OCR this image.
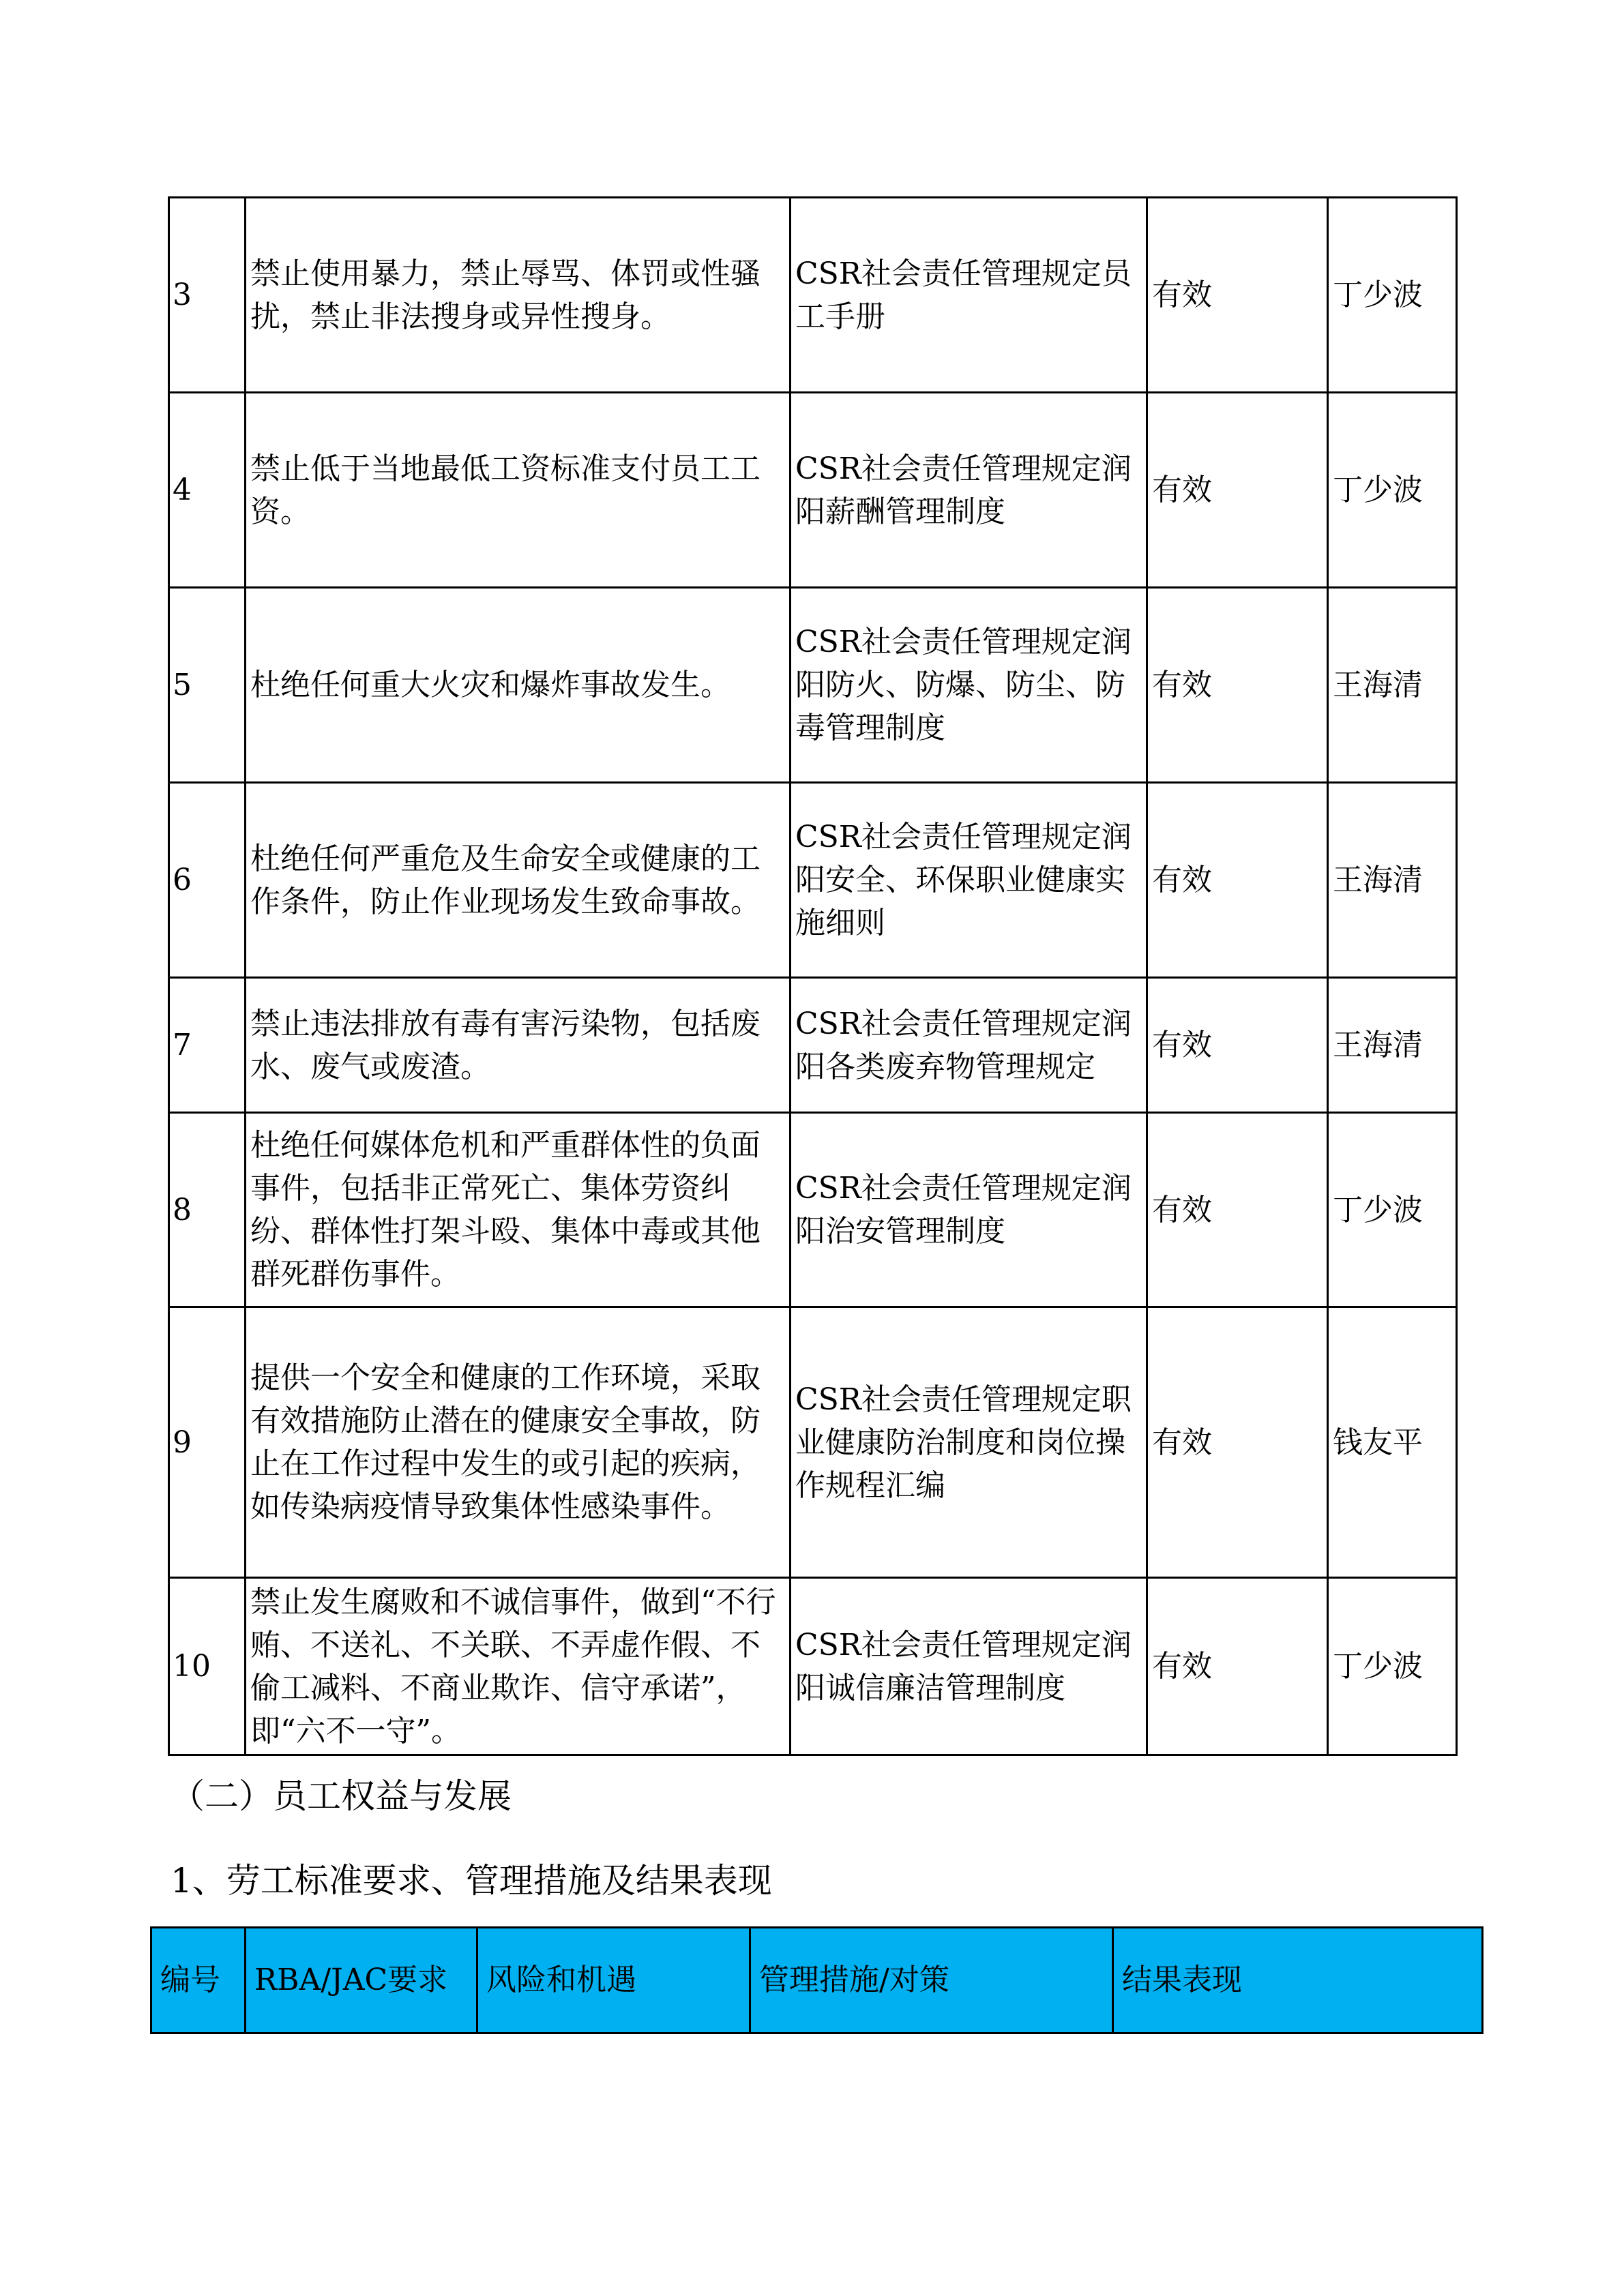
3	禁止使用暴力，禁止辱骂、体罚或性骚扰，禁止非法搜身或异性搜身。	CSR社会责任管理规定员工手册	有效	丁少波
4	禁止低于当地最低工资标准支付员工工资。	CSR社会责任管理规定润阳薪酬管理制度	有效	丁少波
5	杜绝任何重大火灾和爆炸事故发生。	CSR社会责任管理规定润阳防火、防爆、防尘、防毒管理制度	有效	王海清
6	杜绝任何严重危及生命安全或健康的工作条件，防止作业现场发生致命事故。	CSR社会责任管理规定润阳安全、环保职业健康实施细则	有效	王海清
7	禁止违法排放有毒有害污染物，包括废水、废气或废渣。	CSR社会责任管理规定润阳各类废弃物管理规定	有效	王海清
8	杜绝任何媒体危机和严重群体性的负面事件，包括非正常死亡、集体劳资纠纷、群体性打架斗殴、集体中毒或其他群死群伤事件。	CSR社会责任管理规定润阳治安管理制度	有效	丁少波
9	提供一个安全和健康的工作环境，采取有效措施防止潜在的健康安全事故，防止在工作过程中发生的或引起的疾病，如传染病疫情导致集体性感染事件。	CSR社会责任管理规定职业健康防治制度和岗位操作规程汇编	有效	钱友平
10	禁止发生腐败和不诚信事件，做到“不行贿、不送礼、不关联、不弄虚作假、不偷工减料、不商业欺诈、信守承诺”，即“六不一守”。	CSR社会责任管理规定润阳诚信廉洁管理制度	有效	丁少波
（二）员工权益与发展
1、劳工标准要求、管理措施及结果表现
编号	RBA/JAC要求	风险和机遇	管理措施/对策	结果表现
